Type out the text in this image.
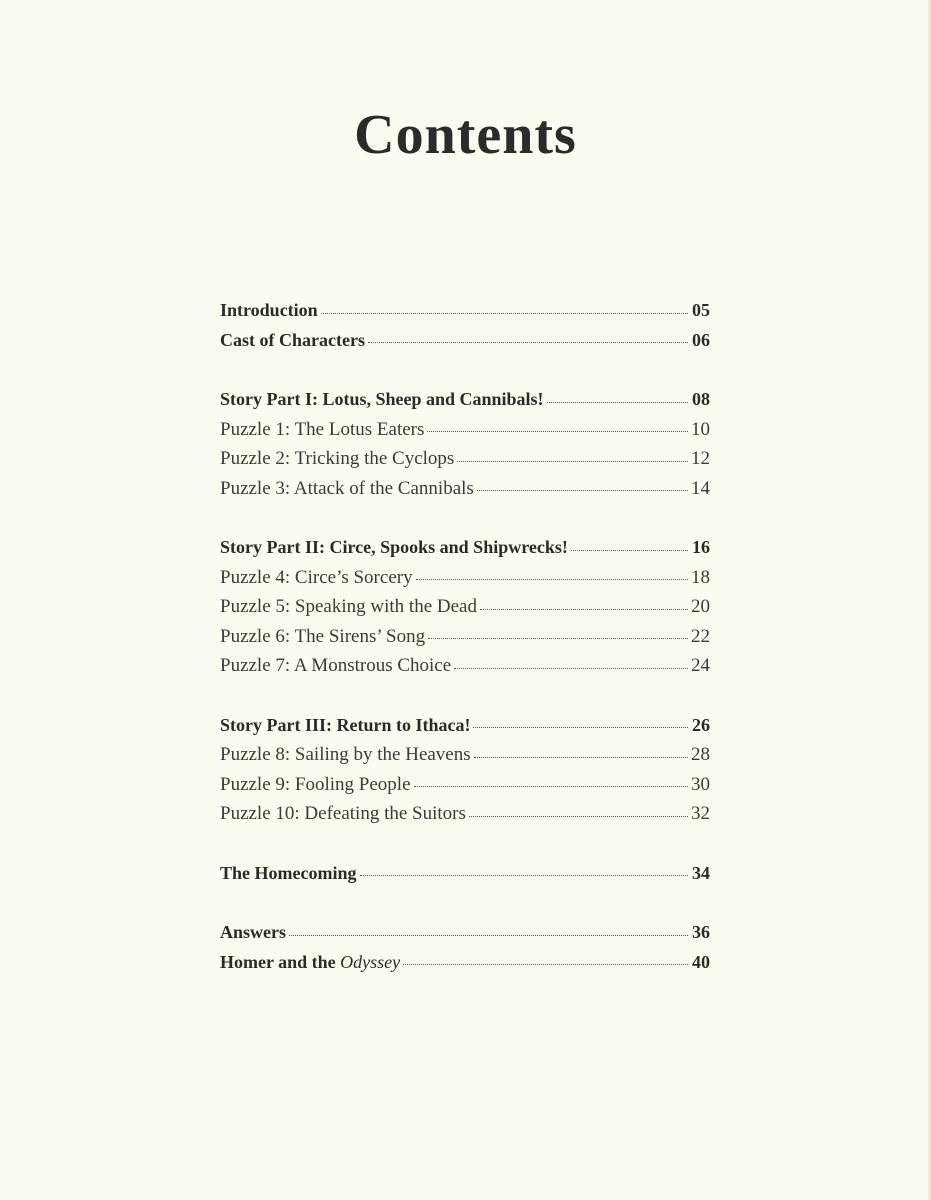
Contents
Introduction	05
Cast of Characters	06
Story Part I: Lotus, Sheep and Cannibals!	08
Puzzle 1: The Lotus Eaters	10
Puzzle 2: Tricking the Cyclops	12
Puzzle 3: Attack of the Cannibals	14
Story Part II: Circe, Spooks and Shipwrecks!	16
Puzzle 4: Circe’s Sorcery	18
Puzzle 5: Speaking with the Dead	20
Puzzle 6: The Sirens’ Song	22
Puzzle 7: A Monstrous Choice	24
Story Part III: Return to Ithaca!	26
Puzzle 8: Sailing by the Heavens	28
Puzzle 9: Fooling People	30
Puzzle 10: Defeating the Suitors	32
The Homecoming	34
Answers	36
Homer and the Odyssey	40
